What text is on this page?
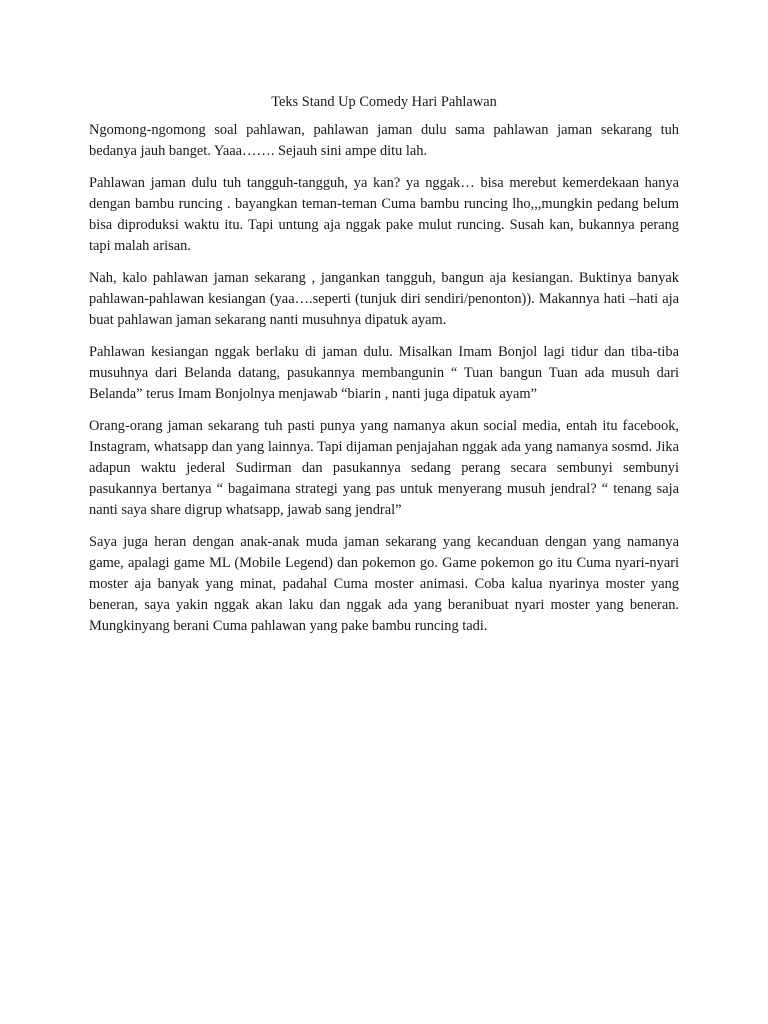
Teks Stand Up Comedy Hari Pahlawan

Ngomong-ngomong soal pahlawan, pahlawan jaman dulu sama pahlawan jaman sekarang tuh bedanya jauh banget. Yaaa……. Sejauh sini ampe ditu lah.

Pahlawan jaman dulu tuh tangguh-tangguh, ya kan? ya nggak… bisa merebut kemerdekaan hanya dengan bambu runcing . bayangkan teman-teman Cuma bambu runcing lho,,,mungkin pedang belum bisa diproduksi waktu itu. Tapi untung aja nggak pake mulut runcing. Susah kan, bukannya perang tapi malah arisan.

Nah, kalo pahlawan jaman sekarang , jangankan tangguh, bangun aja kesiangan. Buktinya banyak pahlawan-pahlawan kesiangan (yaa….seperti (tunjuk diri sendiri/penonton)). Makannya hati –hati aja buat pahlawan jaman sekarang nanti musuhnya dipatuk ayam.

Pahlawan kesiangan nggak berlaku di jaman dulu. Misalkan Imam Bonjol lagi tidur dan tiba-tiba musuhnya dari Belanda datang, pasukannya membangunin “ Tuan bangun Tuan ada musuh dari Belanda” terus Imam Bonjolnya menjawab “biarin , nanti juga dipatuk ayam”

Orang-orang jaman sekarang tuh pasti punya yang namanya akun social media, entah itu facebook, Instagram, whatsapp dan yang lainnya. Tapi dijaman penjajahan nggak ada yang namanya sosmd. Jika adapun waktu jederal Sudirman dan pasukannya sedang perang secara sembunyi sembunyi pasukannya bertanya “ bagaimana strategi yang pas untuk menyerang musuh jendral? “ tenang saja nanti saya share digrup whatsapp, jawab sang jendral”

Saya juga heran dengan anak-anak muda jaman sekarang yang kecanduan dengan yang namanya game, apalagi game ML (Mobile Legend) dan pokemon go. Game pokemon go itu Cuma nyari-nyari moster aja banyak yang minat, padahal Cuma moster animasi. Coba kalua nyarinya moster yang beneran, saya yakin nggak akan laku dan nggak ada yang beranibuat nyari moster yang beneran. Mungkinyang berani Cuma pahlawan yang pake bambu runcing tadi.
